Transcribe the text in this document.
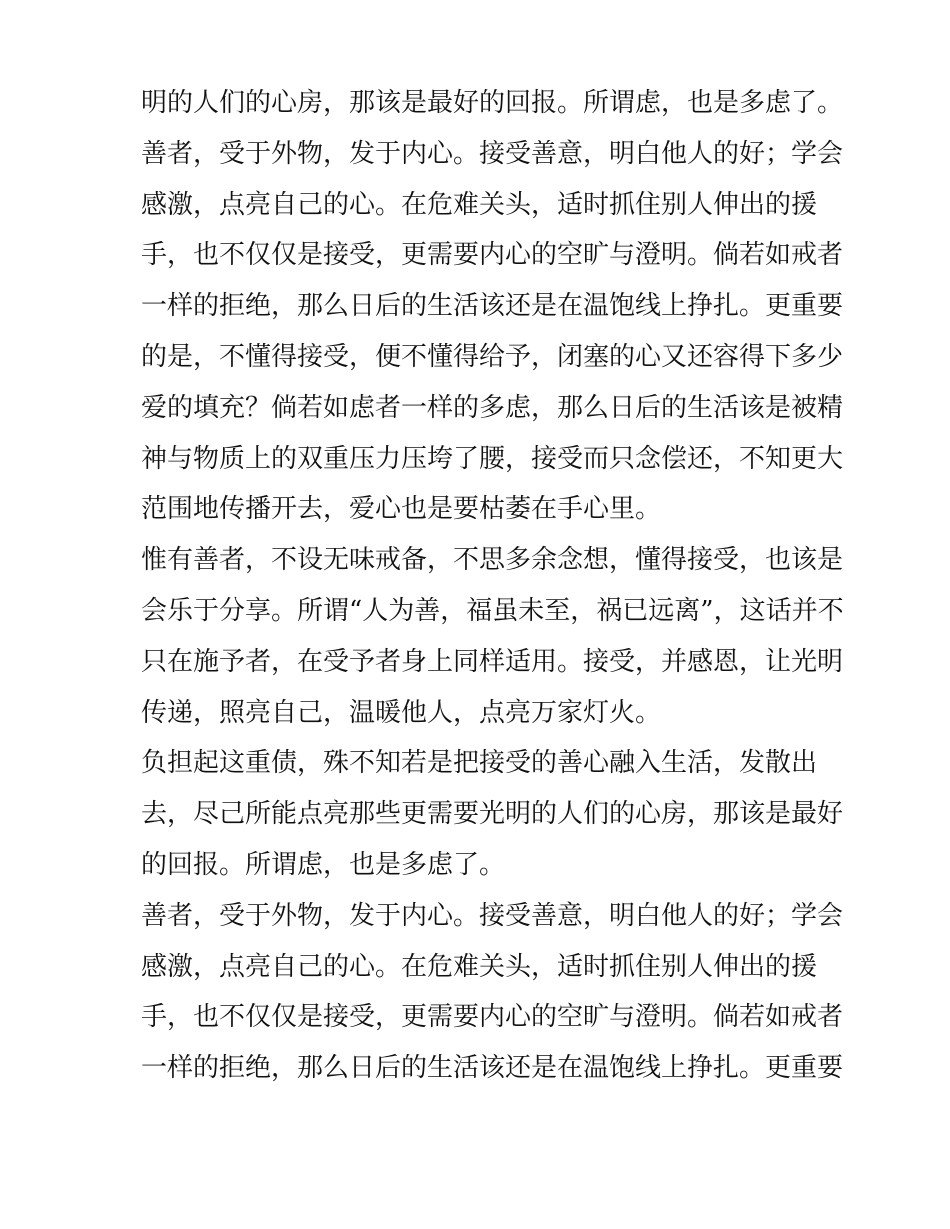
明的人们的心房，那该是最好的回报。所谓虑，也是多虑了。
善者，受于外物，发于内心。接受善意，明白他人的好；学会
感激，点亮自己的心。在危难关头，适时抓住别人伸出的援
手，也不仅仅是接受，更需要内心的空旷与澄明。倘若如戒者
一样的拒绝，那么日后的生活该还是在温饱线上挣扎。更重要
的是，不懂得接受，便不懂得给予，闭塞的心又还容得下多少
爱的填充？倘若如虑者一样的多虑，那么日后的生活该是被精
神与物质上的双重压力压垮了腰，接受而只念偿还，不知更大
范围地传播开去，爱心也是要枯萎在手心里。
惟有善者，不设无味戒备，不思多余念想，懂得接受，也该是
会乐于分享。所谓“人为善，福虽未至，祸已远离”，这话并不
只在施予者，在受予者身上同样适用。接受，并感恩，让光明
传递，照亮自己，温暖他人，点亮万家灯火。
负担起这重债，殊不知若是把接受的善心融入生活，发散出
去，尽己所能点亮那些更需要光明的人们的心房，那该是最好
的回报。所谓虑，也是多虑了。
善者，受于外物，发于内心。接受善意，明白他人的好；学会
感激，点亮自己的心。在危难关头，适时抓住别人伸出的援
手，也不仅仅是接受，更需要内心的空旷与澄明。倘若如戒者
一样的拒绝，那么日后的生活该还是在温饱线上挣扎。更重要
